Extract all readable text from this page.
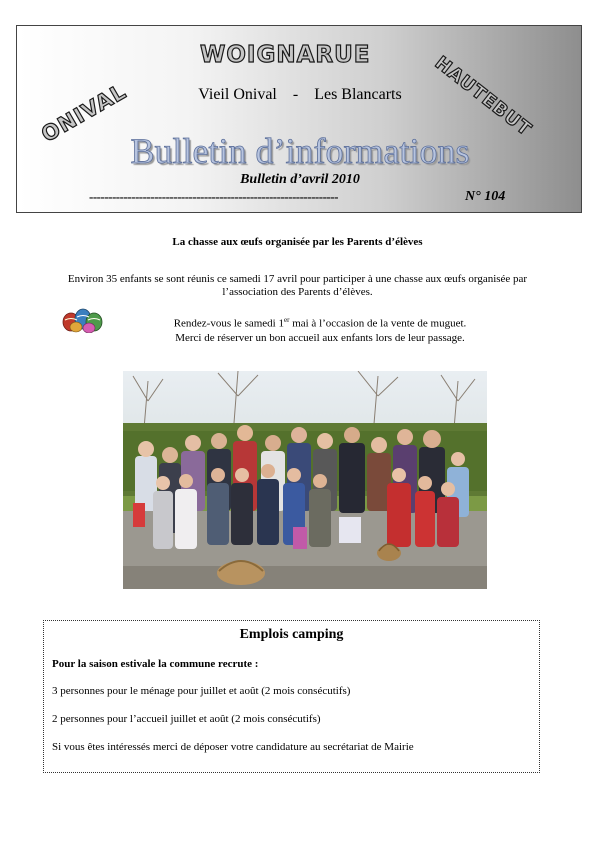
WOIGNARUE
ONIVAL	HAUTEBUT
Vieil Onival - Les Blancarts
Bulletin d’informations
Bulletin d’avril 2010
-----------------------------------------------------------------	N° 104
La chasse aux œufs organisée par les Parents d’élèves
Environ 35 enfants se sont réunis ce samedi 17 avril pour participer à une chasse aux œufs organisée par l’association des Parents d’élèves.
Rendez-vous le samedi 1er mai à l’occasion de la vente de muguet.
Merci de réserver un bon accueil aux enfants lors de leur passage.
Emplois camping
Pour la saison estivale la commune recrute :
3 personnes pour le ménage pour juillet et août (2 mois consécutifs)
2 personnes pour l’accueil juillet et août (2 mois consécutifs)
Si vous êtes intéressés merci de déposer votre candidature au secrétariat de Mairie
